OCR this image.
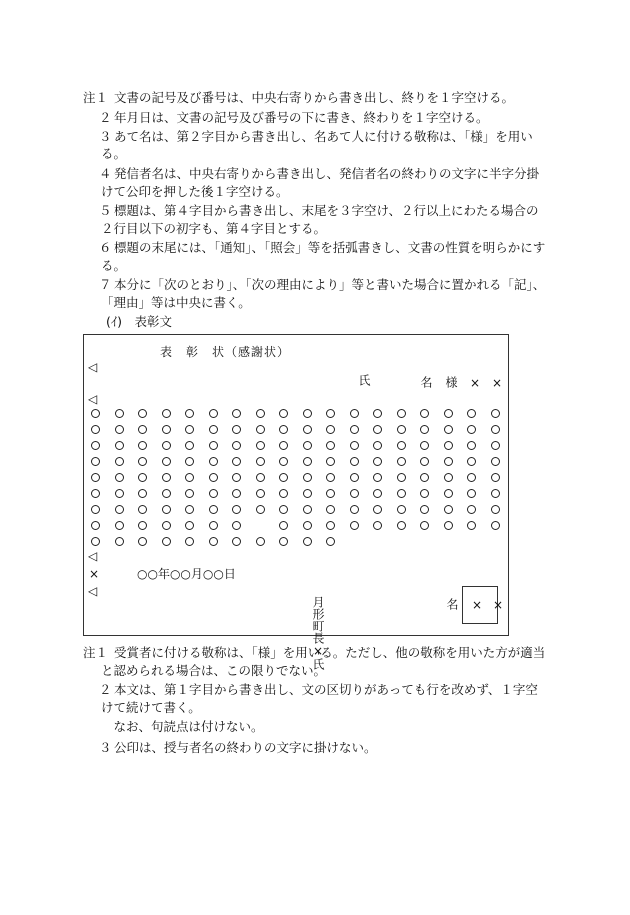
注１ 文書の記号及び番号は、中央右寄りから書き出し、終りを１字空ける。
２ 年月日は、文書の記号及び番号の下に書き、終わりを１字空ける。
３ あて名は、第２字目から書き出し、名あて人に付ける敬称は、「様」を用い
る。
４ 発信者名は、中央右寄りから書き出し、発信者名の終わりの文字に半字分掛
けて公印を押した後１字空ける。
５ 標題は、第４字目から書き出し、末尾を３字空け、２行以上にわたる場合の
２行目以下の初字も、第４字目とする。
６ 標題の末尾には、「通知」、「照会」等を括弧書きし、文書の性質を明らかにす
る。
７ 本分に「次のとおり」、「次の理由により」等と書いた場合に置かれる「記」、
「理由」等は中央に書く。
(ｲ)　表彰文
表　彰　状（感謝状）
◁
◁
氏	名 様 × ×
◁
×
◁
○○年○○月○○日
月形町長×氏	名 × ×
注１ 受賞者に付ける敬称は、「様」を用いる。ただし、他の敬称を用いた方が適当
と認められる場合は、この限りでない。
２ 本文は、第１字目から書き出し、文の区切りがあっても行を改めず、１字空
けて続けて書く。
　なお、句読点は付けない。
３ 公印は、授与者名の終わりの文字に掛けない。
